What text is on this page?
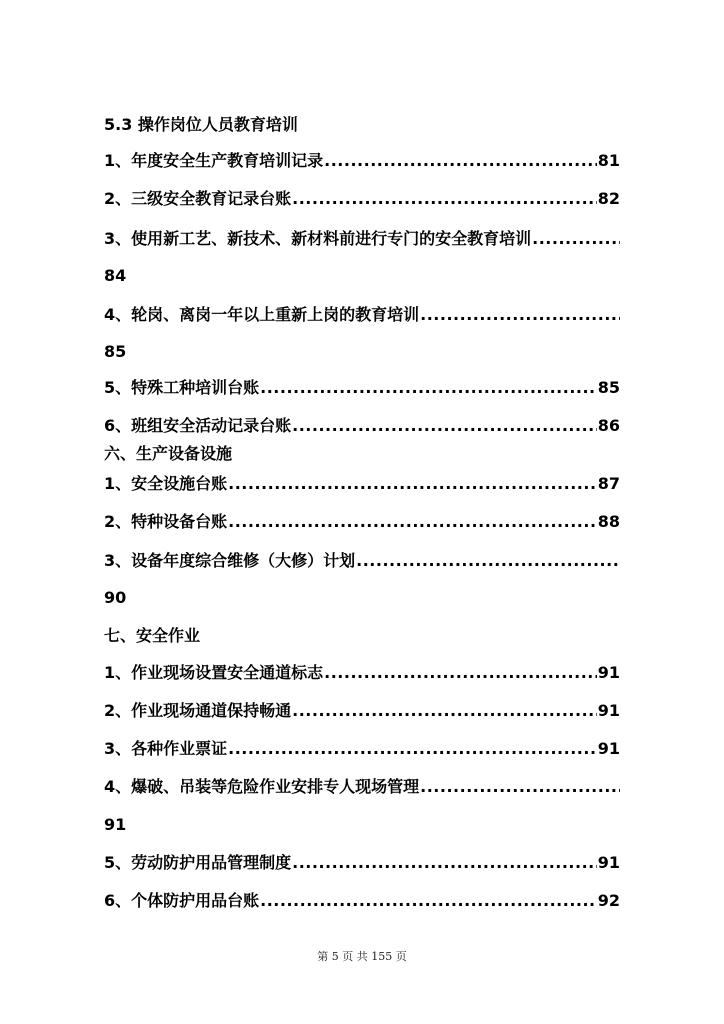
5.3 操作岗位人员教育培训
1、年度安全生产教育培训记录 .....	81
2、三级安全教育记录台账 .....	82
3、使用新工艺、新技术、新材料前进行专门的安全教育培训
.....
84
4、轮岗、离岗一年以上重新上岗的教育培训
.....
85
5、特殊工种培训台账 .....	85
6、班组安全活动记录台账 .....	86
六、生产设备设施
1、安全设施台账 .....	87
2、特种设备台账 .....	88
3、设备年度综合维修（大修）计划
.....
90
七、安全作业
1、作业现场设置安全通道标志 .....	91
2、作业现场通道保持畅通 .....	91
3、各种作业票证 .....	91
4、爆破、吊装等危险作业安排专人现场管理
.....
91
5、劳动防护用品管理制度 .....	91
6、个体防护用品台账 .....	92
第 5 页 共 155 页
